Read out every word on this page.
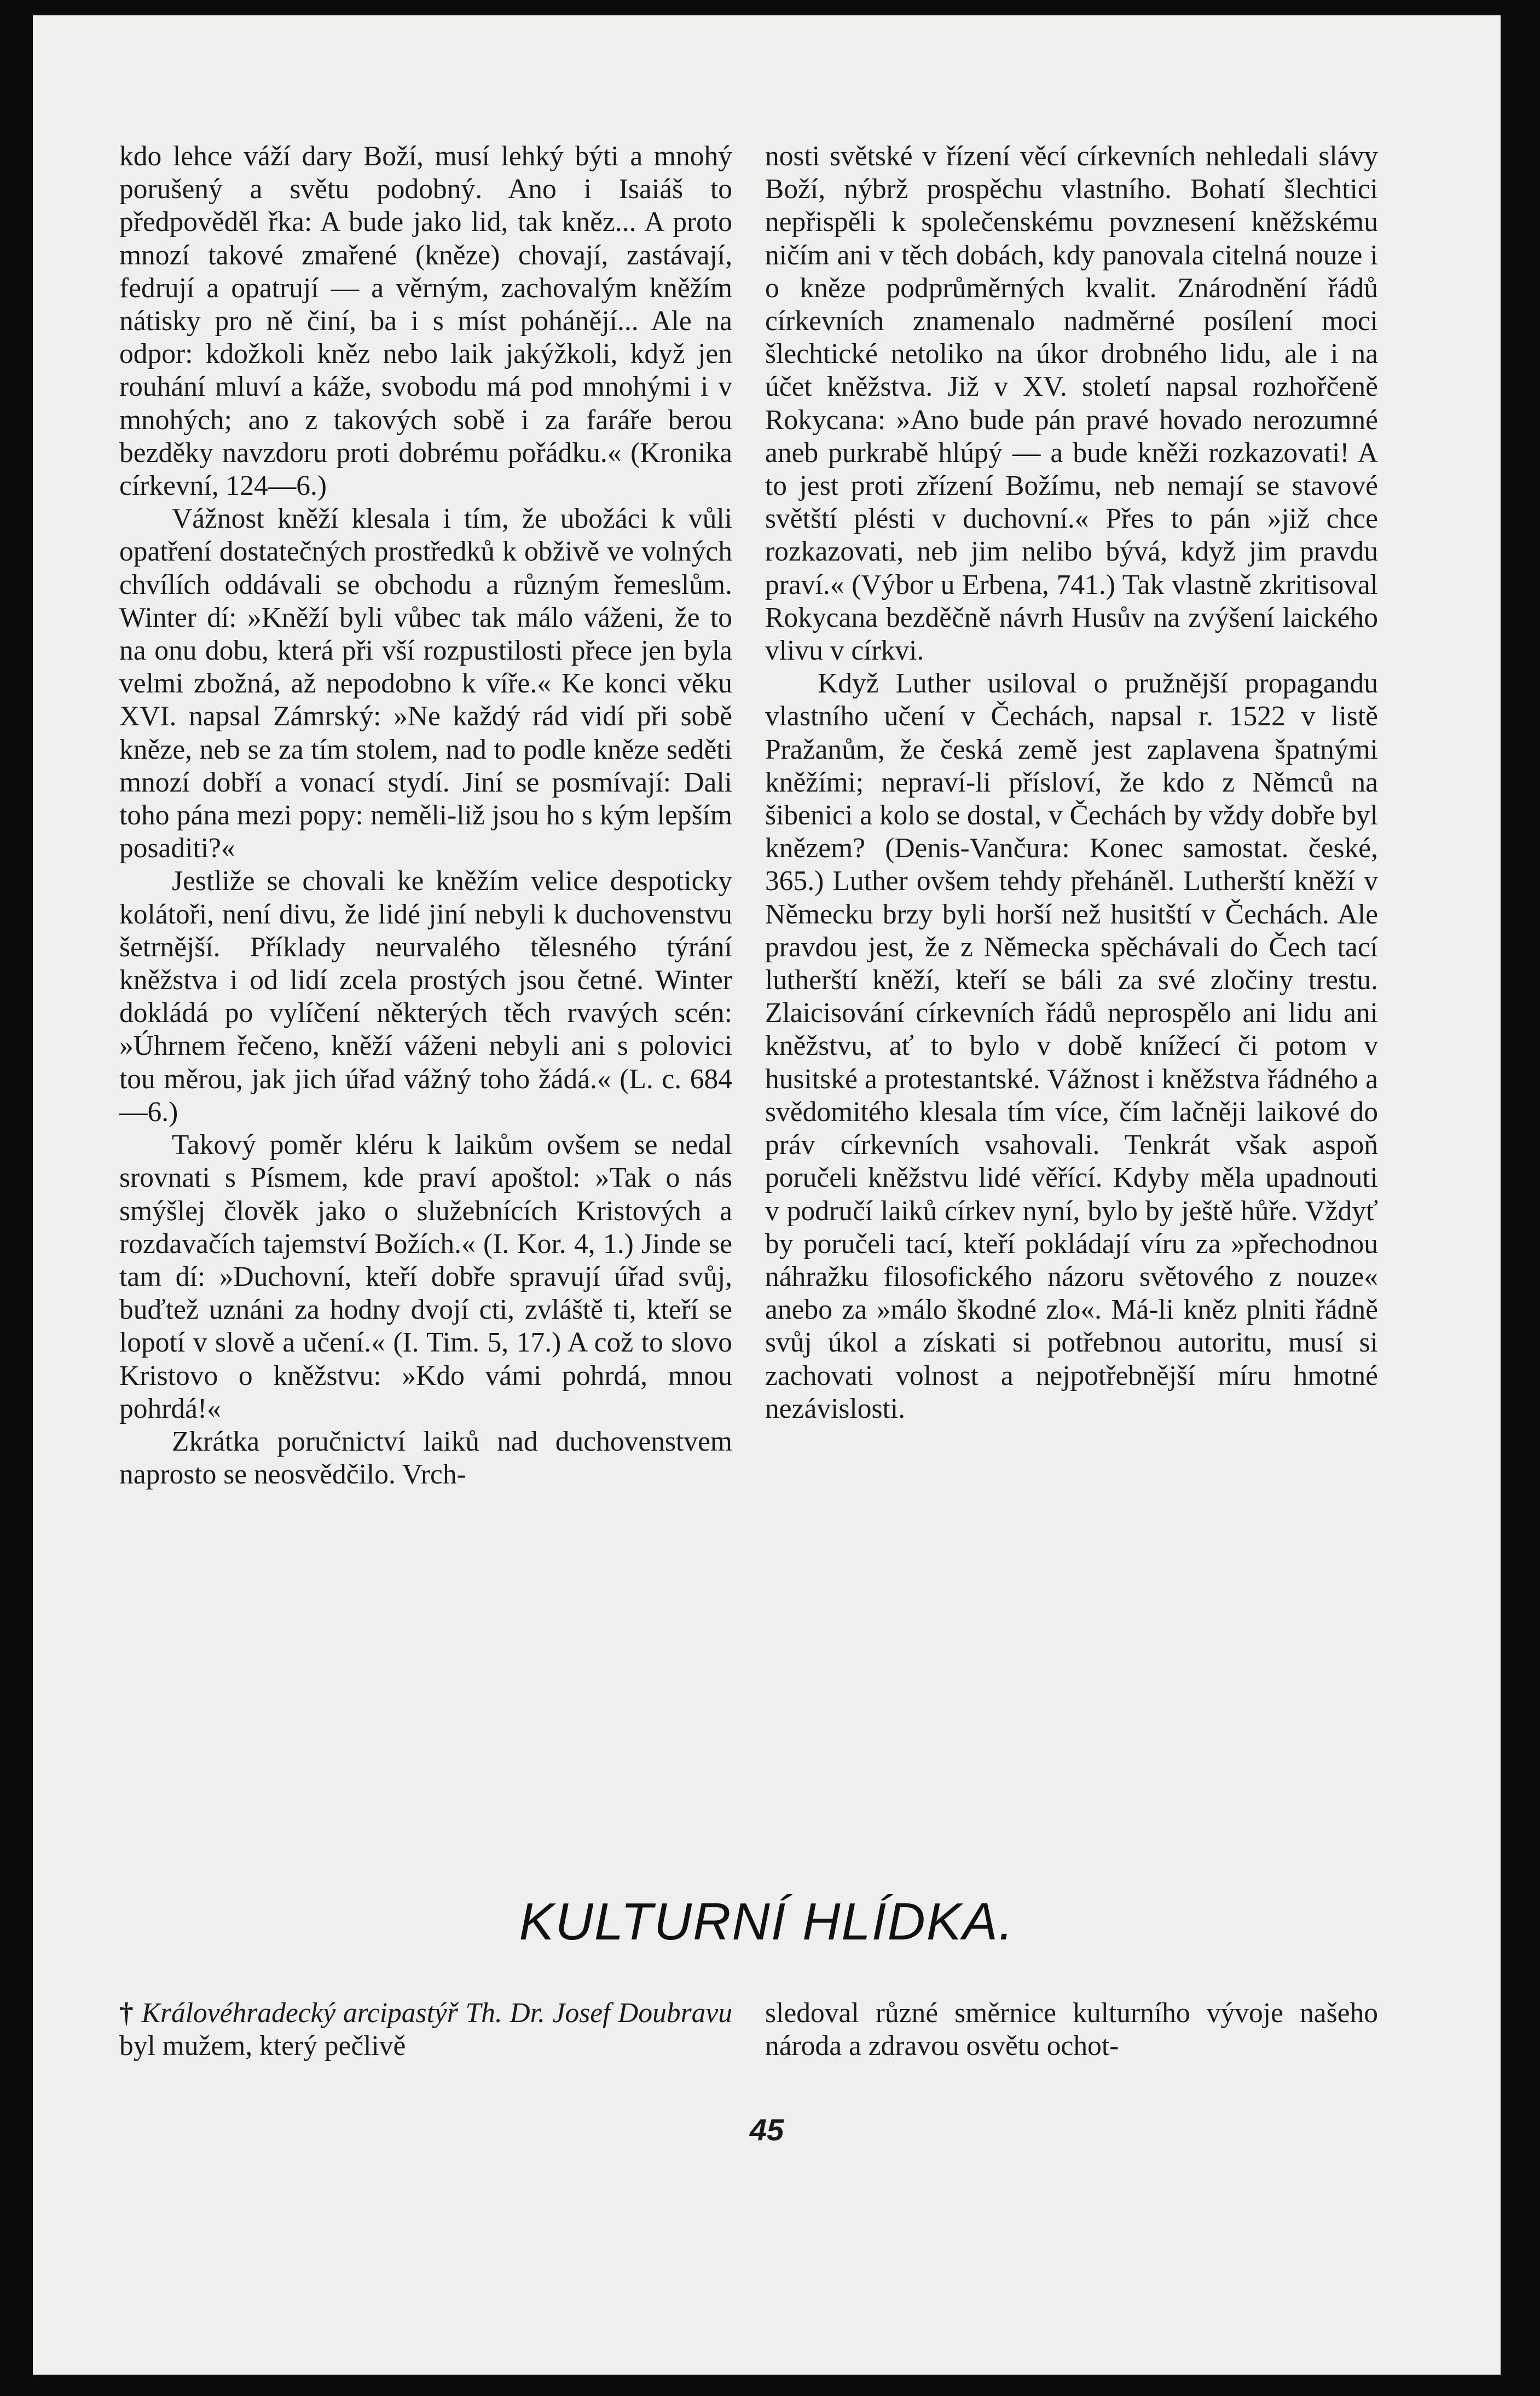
kdo lehce váží dary Boží, musí lehký býti a mnohý porušený a světu podobný. Ano i Isaiáš to předpověděl řka: A bude jako lid, tak kněz... A proto mnozí takové zmařené (kněze) chovají, zastávají, fedrují a opatrují — a věrným, zachovalým kněžím nátisky pro ně činí, ba i s míst pohánějí... Ale na odpor: kdožkoli kněz nebo laik jakýžkoli, když jen rouhání mluví a káže, svobodu má pod mnohými i v mnohých; ano z takových sobě i za faráře berou bezděky navzdoru proti dobrému pořádku.« (Kronika církevní, 124—6.)

Vážnost kněží klesala i tím, že ubožáci k vůli opatření dostatečných prostředků k obživě ve volných chvílích oddávali se obchodu a různým řemeslům. Winter dí: »Kněží byli vůbec tak málo váženi, že to na onu dobu, která při vší rozpustilosti přece jen byla velmi zbožná, až nepodobno k víře.« Ke konci věku XVI. napsal Zámrský: »Ne každý rád vidí při sobě kněze, neb se za tím stolem, nad to podle kněze seděti mnozí dobří a vonací stydí. Jiní se posmívají: Dali toho pána mezi popy: neměli-liž jsou ho s kým lepším posaditi?«

Jestliže se chovali ke kněžím velice despoticky kolátoři, není divu, že lidé jiní nebyli k duchovenstvu šetrnější. Příklady neurvalého tělesného týrání kněžstva i od lidí zcela prostých jsou četné. Winter dokládá po vylíčení některých těch rvavých scén: »Úhrnem řečeno, kněží váženi nebyli ani s polovici tou měrou, jak jich úřad vážný toho žádá.« (L. c. 684—6.)

Takový poměr kléru k laikům ovšem se nedal srovnati s Písmem, kde praví apoštol: »Tak o nás smýšlej člověk jako o služebnících Kristových a rozdavačích tajemství Božích.« (I. Kor. 4, 1.) Jinde se tam dí: »Duchovní, kteří dobře spravují úřad svůj, buďtež uznáni za hodny dvojí cti, zvláště ti, kteří se lopotí v slově a učení.« (I. Tim. 5, 17.) A což to slovo Kristovo o kněžstvu: »Kdo vámi pohrdá, mnou pohrdá!«

Zkrátka poručnictví laiků nad duchovenstvem naprosto se neosvědčilo. Vrch-

nosti světské v řízení věcí církevních nehledali slávy Boží, nýbrž prospěchu vlastního. Bohatí šlechtici nepřispěli k společenskému povznesení kněžskému ničím ani v těch dobách, kdy panovala citelná nouze i o kněze podprůměrných kvalit. Znárodnění řádů církevních znamenalo nadměrné posílení moci šlechtické netoliko na úkor drobného lidu, ale i na účet kněžstva. Již v XV. století napsal rozhořčeně Rokycana: »Ano bude pán pravé hovado nerozumné aneb purkrabě hlúpý — a bude kněži rozkazovati! A to jest proti zřízení Božímu, neb nemají se stavové světští plésti v duchovní.« Přes to pán »již chce rozkazovati, neb jim nelibo bývá, když jim pravdu praví.« (Výbor u Erbena, 741.) Tak vlastně zkritisoval Rokycana bezděčně návrh Husův na zvýšení laického vlivu v církvi.

Když Luther usiloval o pružnější propagandu vlastního učení v Čechách, napsal r. 1522 v listě Pražanům, že česká země jest zaplavena špatnými kněžími; nepraví-li přísloví, že kdo z Němců na šibenici a kolo se dostal, v Čechách by vždy dobře byl knězem? (Denis-Vančura: Konec samostat. české, 365.) Luther ovšem tehdy přeháněl. Lutherští kněží v Německu brzy byli horší než husitští v Čechách. Ale pravdou jest, že z Německa spěchávali do Čech tací lutherští kněží, kteří se báli za své zločiny trestu. Zlaicisování církevních řádů neprospělo ani lidu ani kněžstvu, ať to bylo v době knížecí či potom v husitské a protestantské. Vážnost i kněžstva řádného a svědomitého klesala tím více, čím lačněji laikové do práv církevních vsahovali. Tenkrát však aspoň poručeli kněžstvu lidé věřící. Kdyby měla upadnouti v područí laiků církev nyní, bylo by ještě hůře. Vždyť by poručeli tací, kteří pokládají víru za »přechodnou náhražku filosofického názoru světového z nouze« anebo za »málo škodné zlo«. Má-li kněz plniti řádně svůj úkol a získati si potřebnou autoritu, musí si zachovati volnost a nejpotřebnější míru hmotné nezávislosti.

KULTURNÍ HLÍDKA.
† Královéhradecký arcipastýř Th. Dr. Josef Doubravu byl mužem, který pečlivě
sledoval různé směrnice kulturního vývoje našeho národa a zdravou osvětu ochot-
45
